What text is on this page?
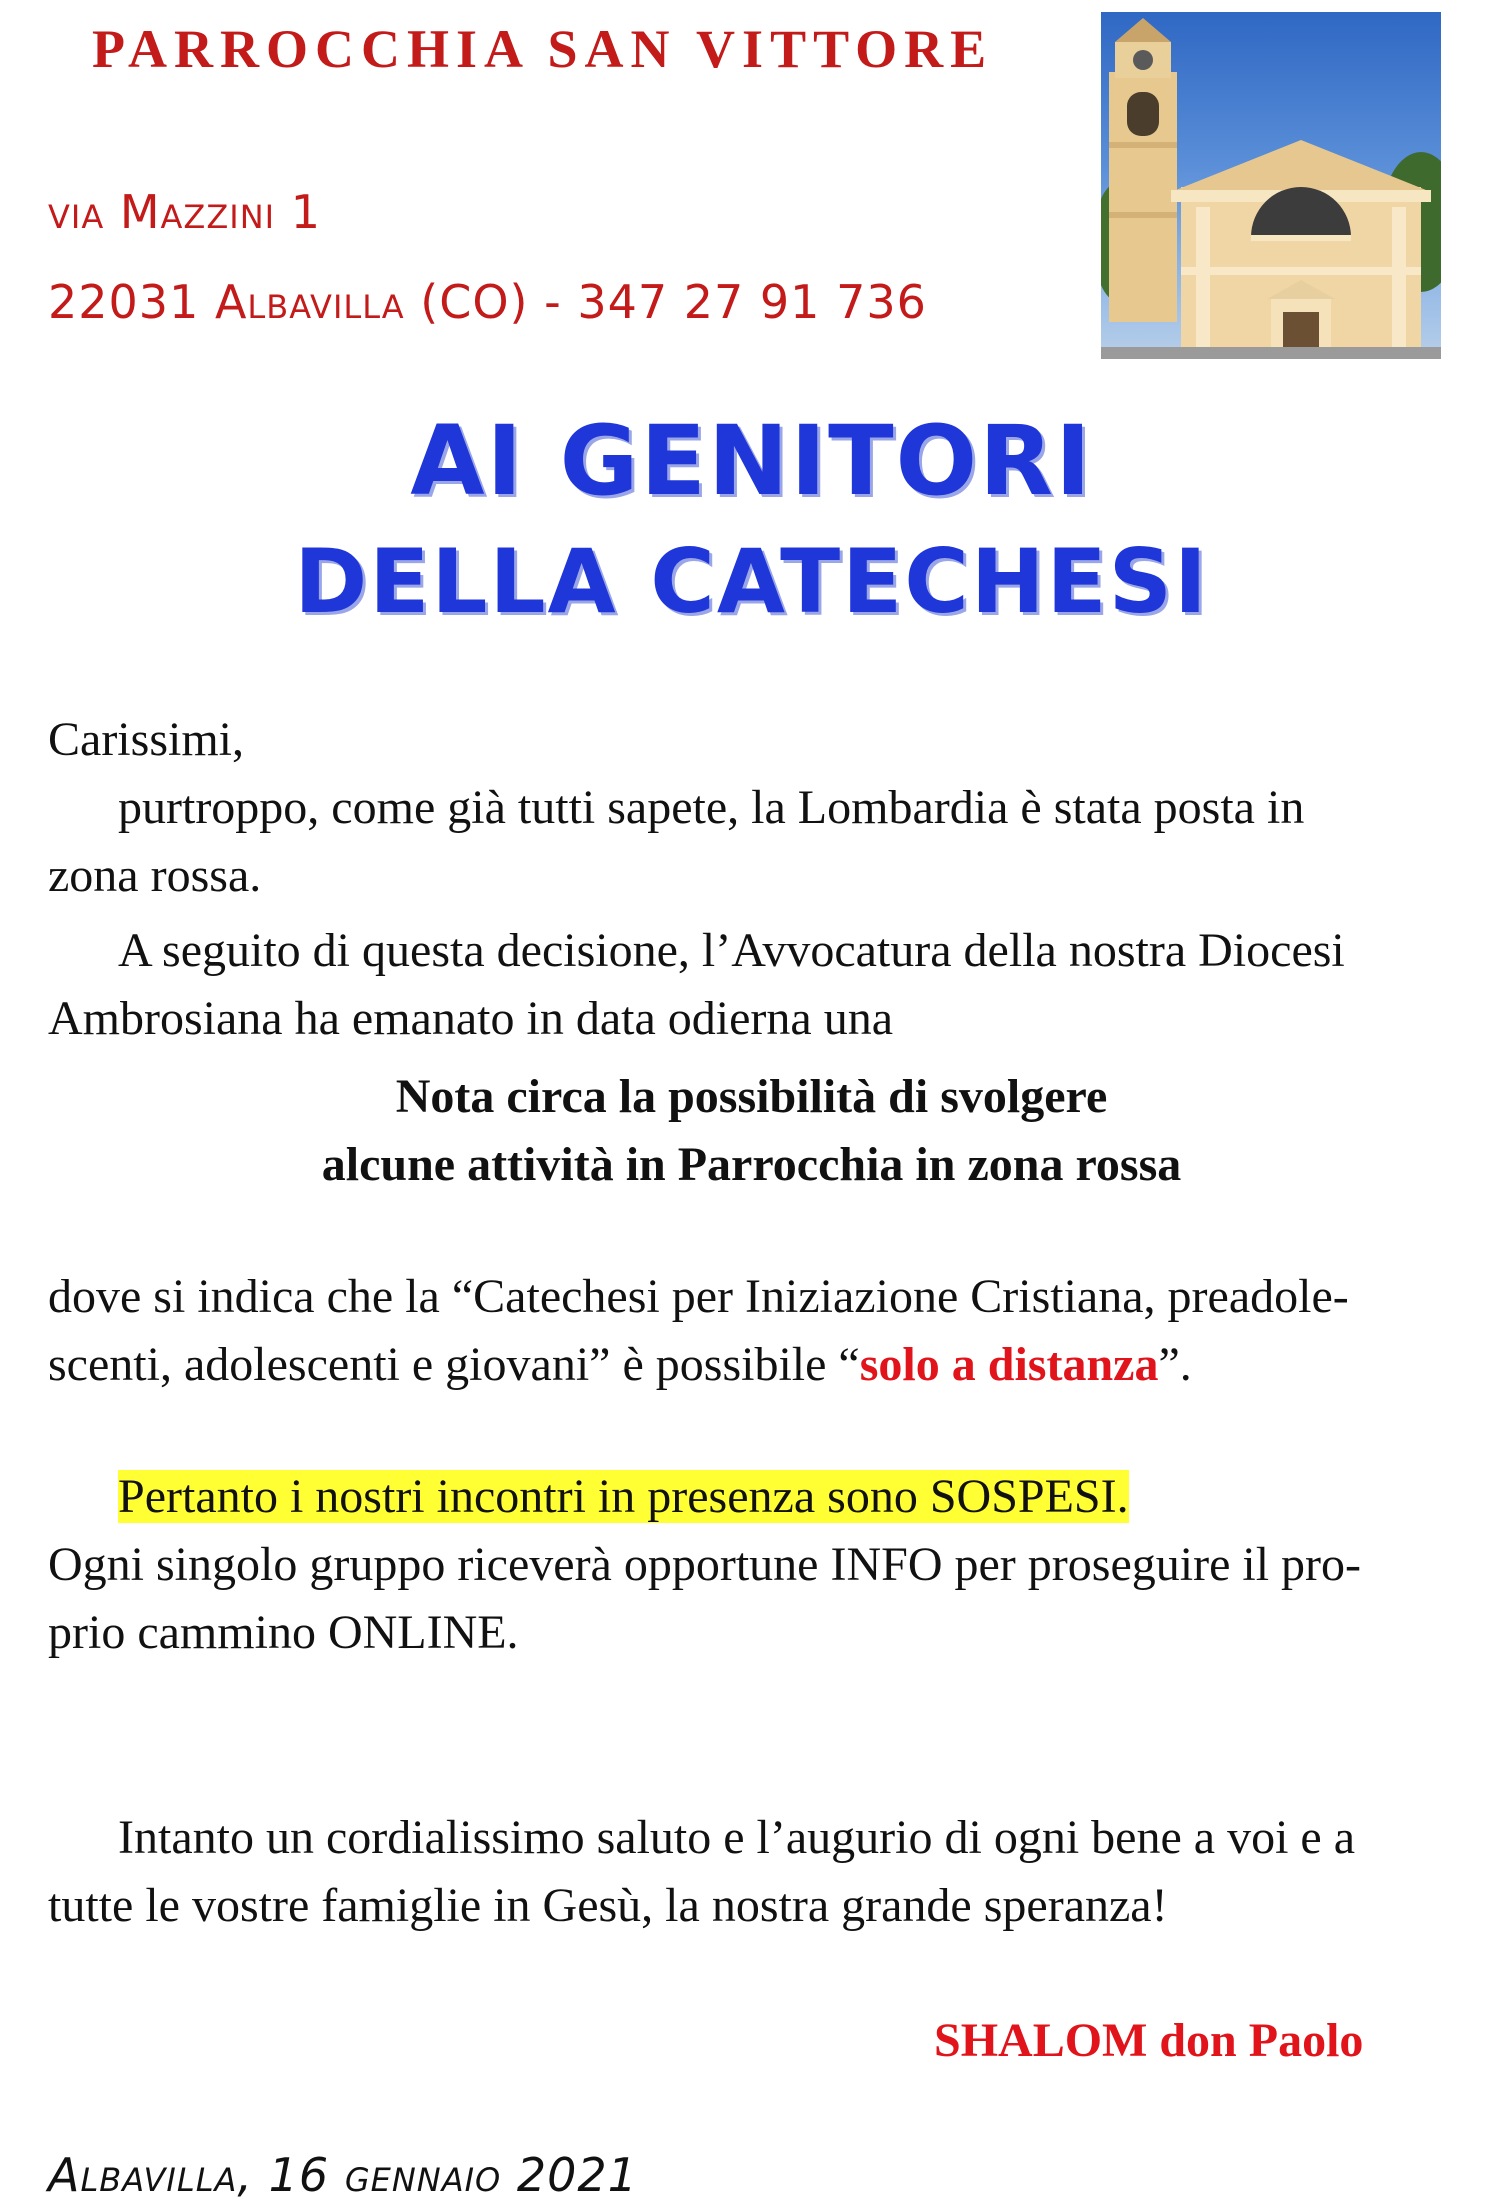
PARROCCHIA SAN VITTORE
via Mazzini 1
22031 Albavilla (CO) - 347 27 91 736
AI GENITORI
DELLA CATECHESI
Carissimi,
purtroppo, come già tutti sapete, la Lombardia è stata posta in
zona rossa.
A seguito di questa decisione, l’Avvocatura della nostra Diocesi
Ambrosiana ha emanato in data odierna una
Nota circa la possibilità di svolgere
alcune attività in Parrocchia in zona rossa
dove si indica che la “Catechesi per Iniziazione Cristiana, preadole-
scenti, adolescenti e giovani” è possibile “solo a distanza”.
Pertanto i nostri incontri in presenza sono SOSPESI.
Ogni singolo gruppo riceverà opportune INFO per proseguire il pro-
prio cammino ONLINE.
Intanto un cordialissimo saluto e l’augurio di ogni bene a voi e a
tutte le vostre famiglie in Gesù, la nostra grande speranza!
SHALOM don Paolo
Albavilla, 16 gennaio 2021
